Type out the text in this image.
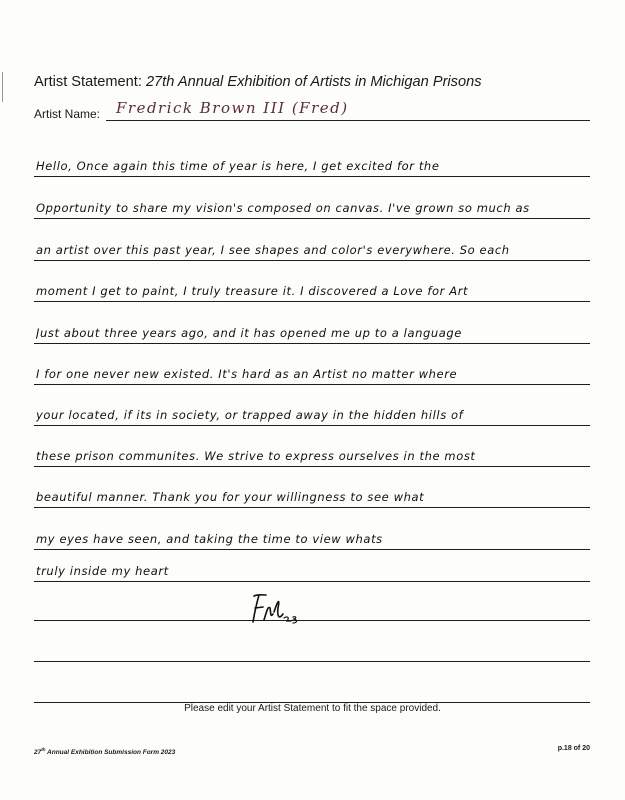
Artist Statement: 27th Annual Exhibition of Artists in Michigan Prisons
Artist Name: Fredrick Brown III (Fred)
Hello, Once again this time of year is here, I get excited for the
Opportunity to share my vision's composed on canvas. I've grown so much as
an artist over this past year, I see shapes and color's everywhere. So each
moment I get to paint, I truly treasure it. I discovered a Love for Art
Just about three years ago, and it has opened me up to a language
I for one never new existed. It's hard as an Artist no matter where
your located, if its in society, or trapped away in the hidden hills of
these prison communites. We strive to express ourselves in the most
beautiful manner. Thank you for your willingness to see what
my eyes have seen, and taking the time to view whats
truly inside my heart
Please edit your Artist Statement to fit the space provided.
27th Annual Exhibition Submission Form 2023
p.18 of 20
